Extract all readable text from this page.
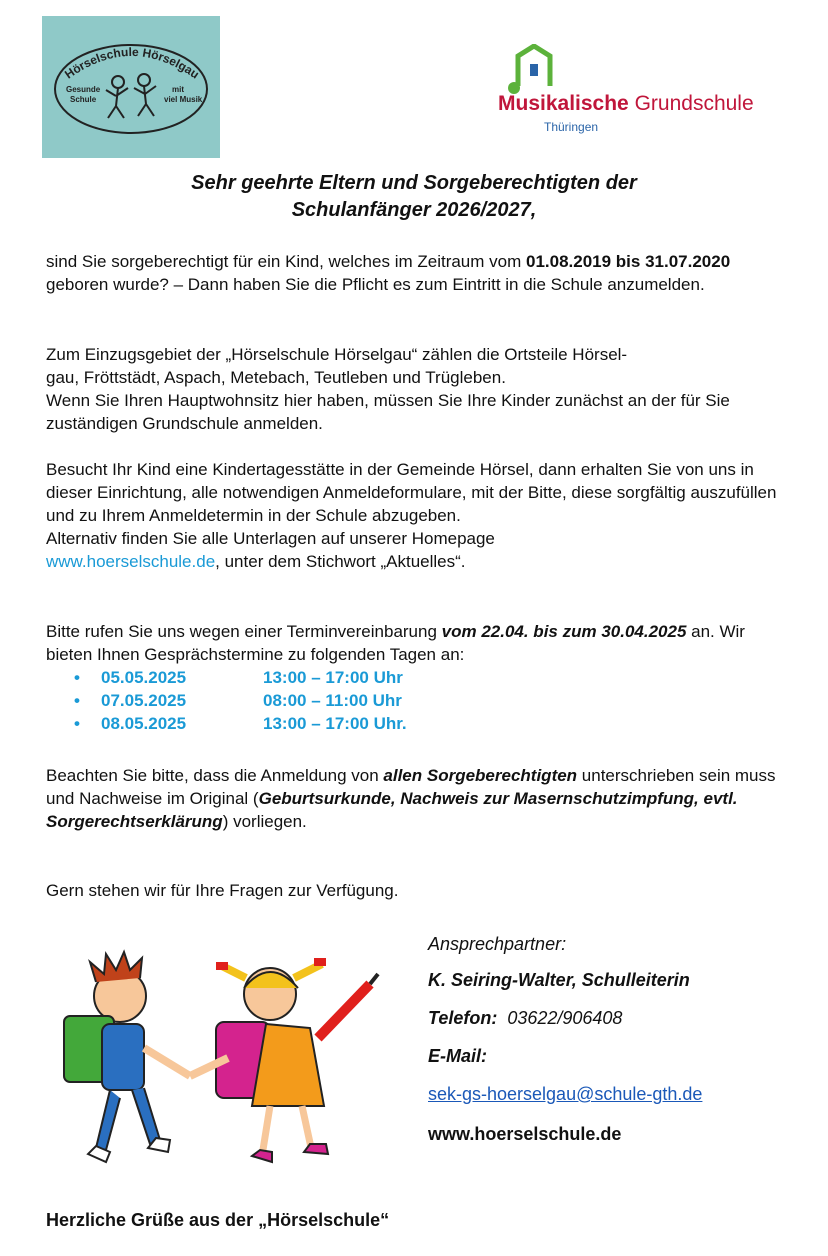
Hörselschule Hörselgau
Gesunde
Schule
mit
viel Musik	Musikalische Grundschule
Thüringen
Sehr geehrte Eltern und Sorgeberechtigten der
Schulanfänger 2026/2027,
sind Sie sorgeberechtigt für ein Kind, welches im Zeitraum vom 01.08.2019 bis 31.07.2020 geboren wurde? – Dann haben Sie die Pflicht es zum Eintritt in die Schule anzumelden.
Zum Einzugsgebiet der „Hörselschule Hörselgau“ zählen die Ortsteile Hörsel-
gau, Fröttstädt, Aspach, Metebach, Teutleben und Trügleben.
Wenn Sie Ihren Hauptwohnsitz hier haben, müssen Sie Ihre Kinder zunächst an der für Sie zuständigen Grundschule anmelden.
Besucht Ihr Kind eine Kindertagesstätte in der Gemeinde Hörsel, dann erhalten Sie von uns in dieser Einrichtung, alle notwendigen Anmeldeformulare, mit der Bitte, diese sorgfältig auszufüllen und zu Ihrem Anmeldetermin in der Schule abzugeben.
Alternativ finden Sie alle Unterlagen auf unserer Homepage
www.hoerselschule.de, unter dem Stichwort „Aktuelles“.
Bitte rufen Sie uns wegen einer Terminvereinbarung vom 22.04. bis zum 30.04.2025 an. Wir bieten Ihnen Gesprächstermine zu folgenden Tagen an:
• 05.05.2025	13:00 – 17:00 Uhr
• 07.05.2025	08:00 – 11:00 Uhr
• 08.05.2025	13:00 – 17:00 Uhr.
Beachten Sie bitte, dass die Anmeldung von allen Sorgeberechtigten unterschrieben sein muss und Nachweise im Original (Geburtsurkunde, Nachweis zur Masernschutzimpfung, evtl. Sorgerechtserklärung) vorliegen.
Gern stehen wir für Ihre Fragen zur Verfügung.
Ansprechpartner:
K. Seiring-Walter, Schulleiterin
Telefon: 03622/906408
E-Mail:
sek-gs-hoerselgau@schule-gth.de
www.hoerselschule.de
Herzliche Grüße aus der „Hörselschule“
